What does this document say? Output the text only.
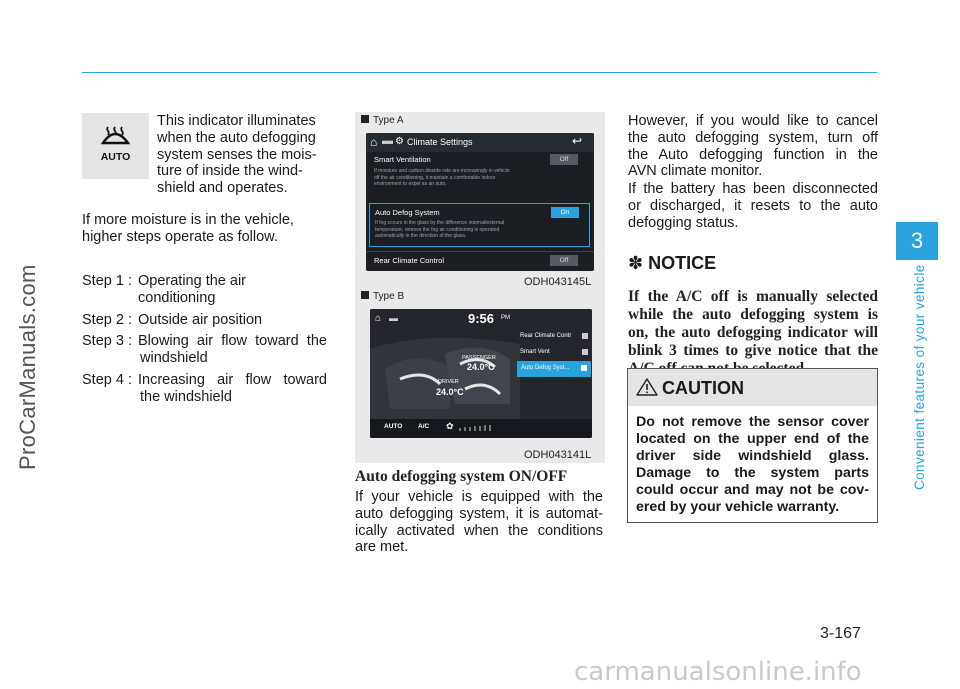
ProCarManuals.com
carmanualsonline.info
3
Convenient features of your vehicle
3-167
AUTO
This indicator illuminates
when the auto defogging
system senses the mois-
ture of inside the wind-
shield and operates.
If more moisture is in the vehicle,
higher steps operate as follow.
Step 1 : Operating the air conditioning
Step 2 : Outside air position
Step 3 : Blowing air flow toward the
windshield
Step 4 : Increasing air flow toward
the windshield
Type A
⌂ ▬ ⚙ Climate Settings	↩
Smart Ventilation	Off
If moisture and carbon dioxide rate are increasingly in vehicle
off the air conditioning, it maintain a comfortable indoor
environment to expel as an auto.
Auto Defog System	On
If fog occurs in the glass by the difference internal/external
temperature, remove the fog air conditioning is operated
automatically in the direction of the glass.
Rear Climate Control	Off
ODH043145L
Type B
⌂ ▬	9:56 PM
Rear Climate Contr
Smart Vent
Auto Defog Syst...
PASSENGER
24.0°C
DRIVER
24.0°C
AUTO A/C ✿
ODH043141L
Auto defogging system ON/OFF
If your vehicle is equipped with the
auto defogging system, it is automat-
ically activated when the conditions
are met.
However, if you would like to cancel
the auto defogging system, turn off
the Auto defogging function in the
AVN climate monitor.
If the battery has been disconnected
or discharged, it resets to the auto
defogging status.
✽ NOTICE
If the A/C off is manually selected
while the auto defogging system is
on, the auto defogging indicator will
blink 3 times to give notice that the
CAUTION
Do not remove the sensor cover
located on the upper end of the
driver side windshield glass.
Damage to the system parts
could occur and may not be cov-
ered by your vehicle warranty.
